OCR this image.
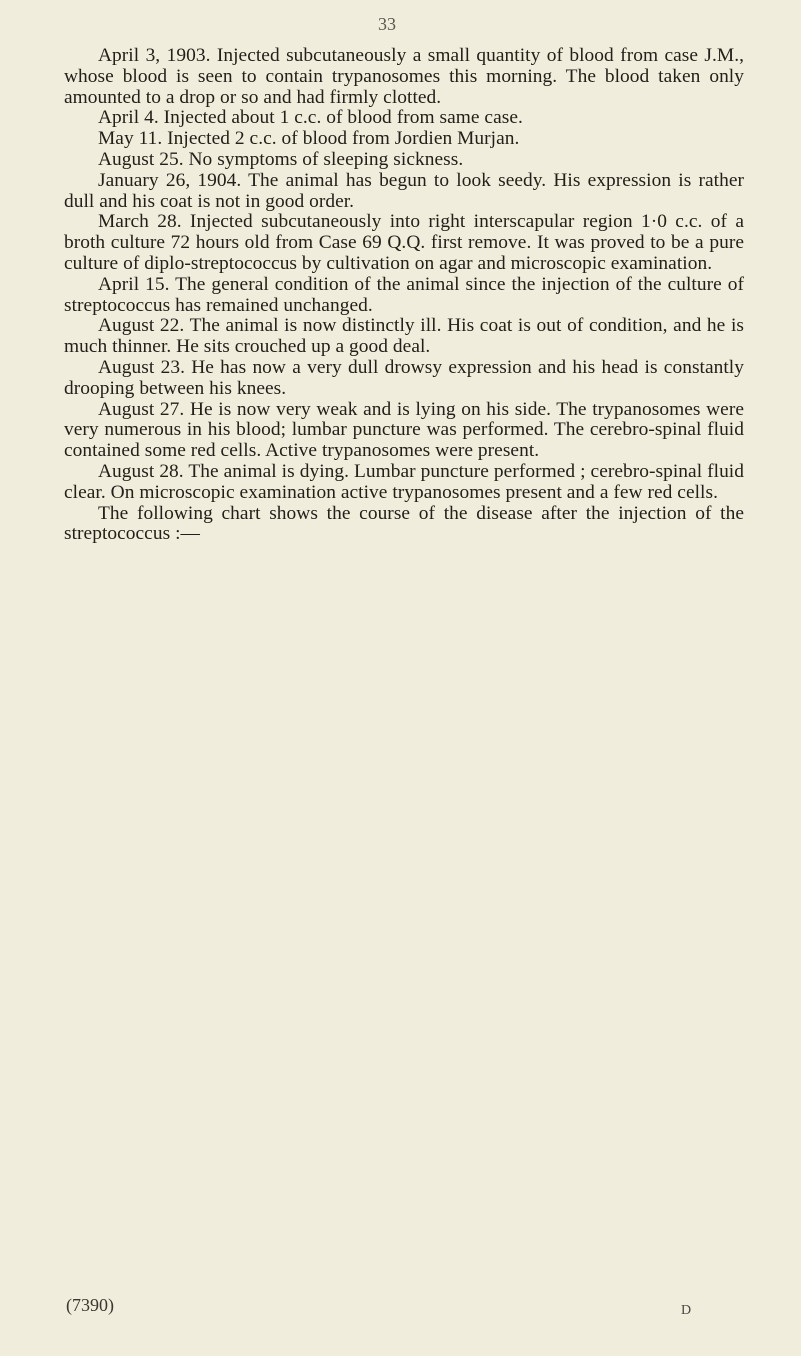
33

April 3, 1903. Injected subcutaneously a small quantity of blood from case J.M., whose blood is seen to contain trypanosomes this morning. The blood taken only amounted to a drop or so and had firmly clotted.

April 4. Injected about 1 c.c. of blood from same case.

May 11. Injected 2 c.c. of blood from Jordien Murjan.

August 25. No symptoms of sleeping sickness.

January 26, 1904. The animal has begun to look seedy. His expression is rather dull and his coat is not in good order.

March 28. Injected subcutaneously into right interscapular region 1·0 c.c. of a broth culture 72 hours old from Case 69 Q.Q. first remove. It was proved to be a pure culture of diplo-streptococcus by cultivation on agar and microscopic examination.

April 15. The general condition of the animal since the injection of the culture of streptococcus has remained unchanged.

August 22. The animal is now distinctly ill. His coat is out of condition, and he is much thinner. He sits crouched up a good deal.

August 23. He has now a very dull drowsy expression and his head is constantly drooping between his knees.

August 27. He is now very weak and is lying on his side. The trypanosomes were very numerous in his blood; lumbar puncture was performed. The cerebro-spinal fluid contained some red cells. Active trypanosomes were present.

August 28. The animal is dying. Lumbar puncture performed ; cerebro-spinal fluid clear. On microscopic examination active trypanosomes present and a few red cells.

The following chart shows the course of the disease after the injection of the streptococcus :—

(7390)	D
